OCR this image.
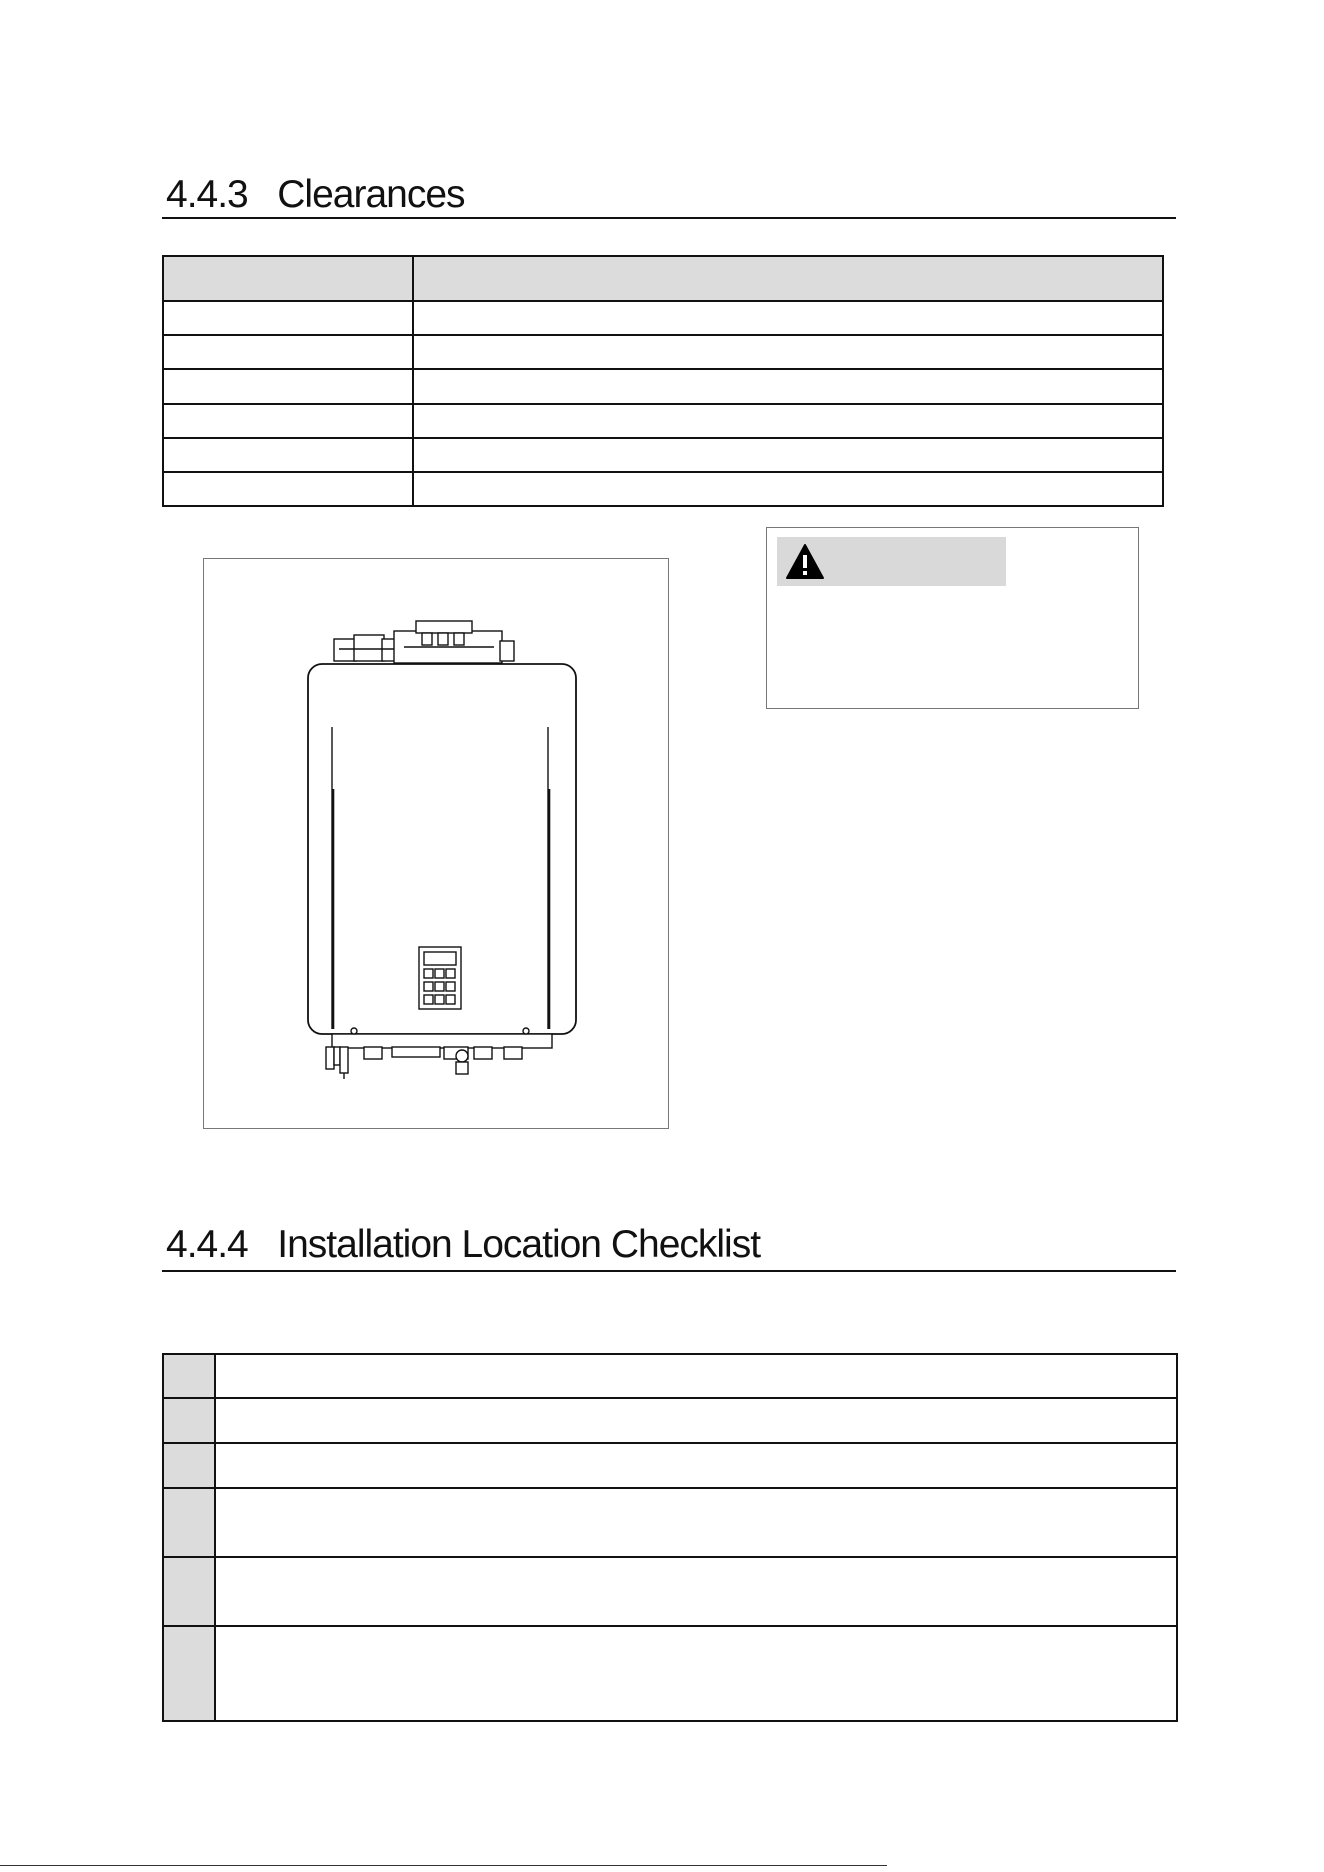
4.4.3 Clearances

4.4.4 Installation Location Checklist
